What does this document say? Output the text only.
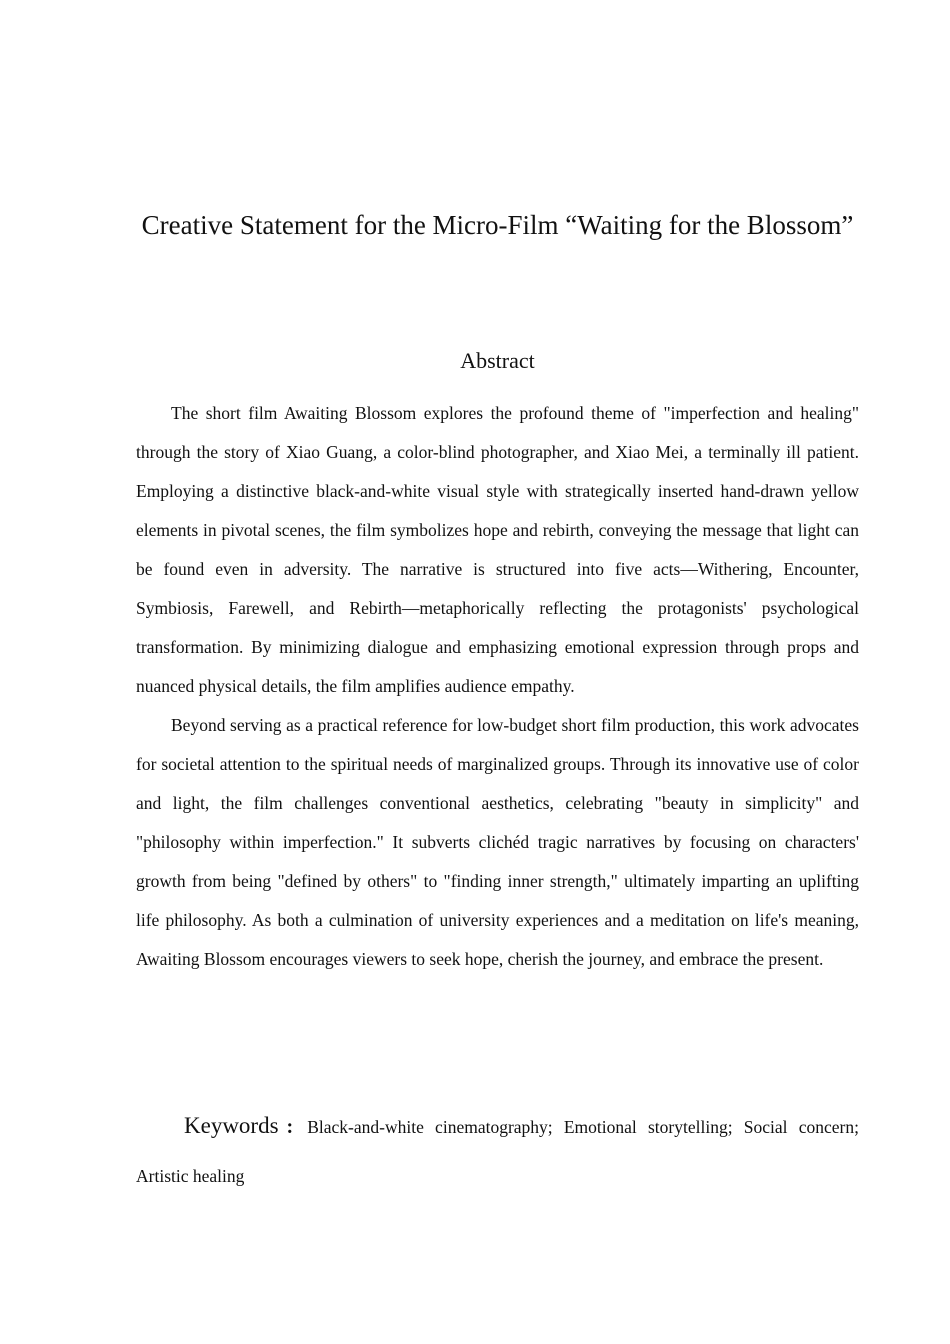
Creative Statement for the Micro-Film “Waiting for the Blossom”
Abstract

The short film Awaiting Blossom explores the profound theme of "imperfection and healing" through the story of Xiao Guang, a color-blind photographer, and Xiao Mei, a terminally ill patient. Employing a distinctive black-and-white visual style with strategically inserted hand-drawn yellow elements in pivotal scenes, the film symbolizes hope and rebirth, conveying the message that light can be found even in adversity. The narrative is structured into five acts—Withering, Encounter, Symbiosis, Farewell, and Rebirth—metaphorically reflecting the protagonists' psychological transformation. By minimizing dialogue and emphasizing emotional expression through props and nuanced physical details, the film amplifies audience empathy.

Beyond serving as a practical reference for low-budget short film production, this work advocates for societal attention to the spiritual needs of marginalized groups. Through its innovative use of color and light, the film challenges conventional aesthetics, celebrating "beauty in simplicity" and "philosophy within imperfection." It subverts clichéd tragic narratives by focusing on characters' growth from being "defined by others" to "finding inner strength," ultimately imparting an uplifting life philosophy. As both a culmination of university experiences and a meditation on life's meaning, Awaiting Blossom encourages viewers to seek hope, cherish the journey, and embrace the present.

Keywords : Black-and-white cinematography; Emotional storytelling; Social concern; Artistic healing
